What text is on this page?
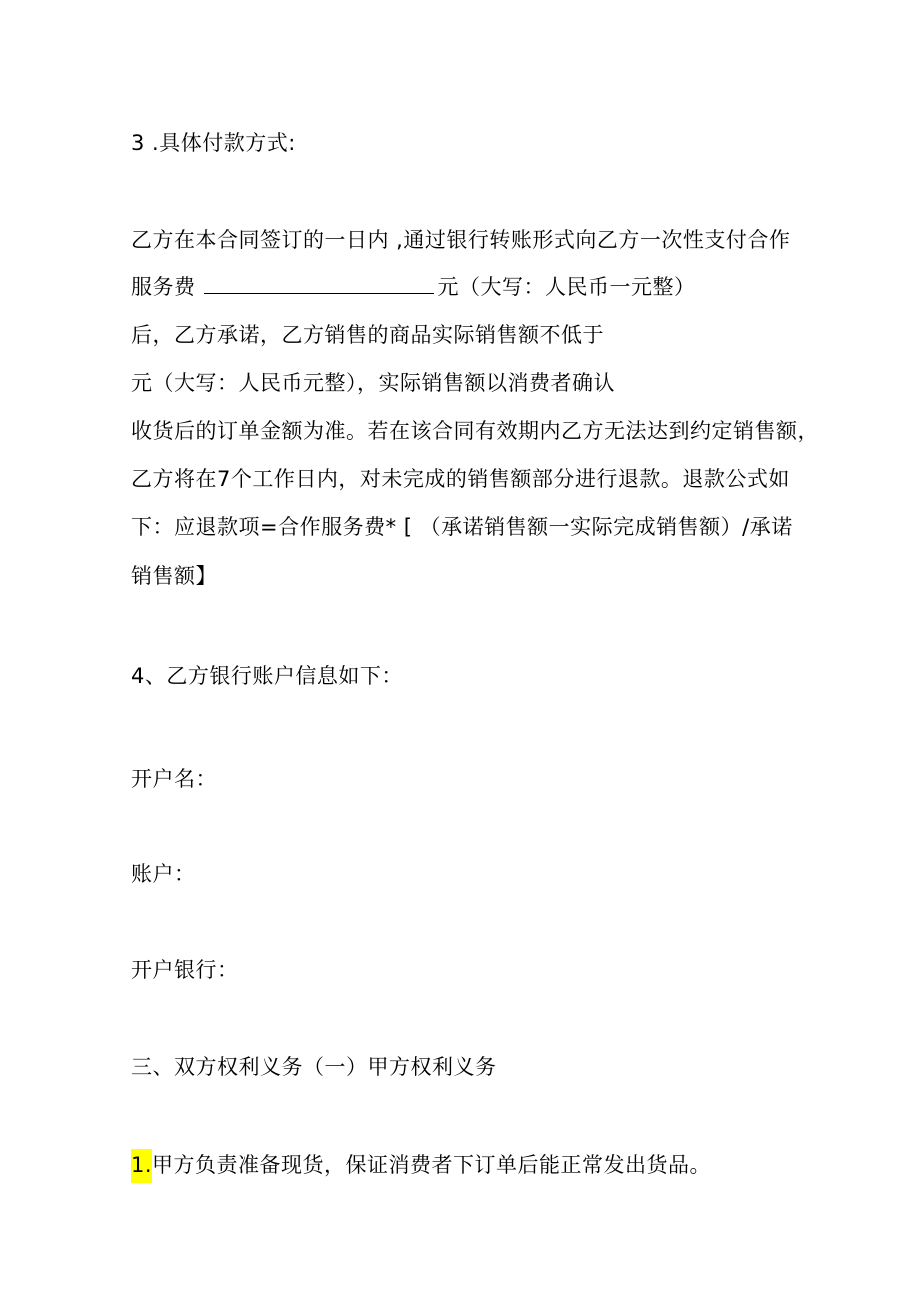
3 .具体付款方式:
乙方在本合同签订的一日内 ,通过银行转账形式向乙方一次性支付合作
服务费	元（大写：人民币一元整）
后，乙方承诺，乙方销售的商品实际销售额不低于
元（大写：人民币元整），实际销售额以消费者确认
收货后的订单金额为准。若在该合同有效期内乙方无法达到约定销售额，
乙方将在7个工作日内，对未完成的销售额部分进行退款。退款公式如
下：应退款项=合作服务费* [ （承诺销售额一实际完成销售额）/承诺
销售额】
4、乙方银行账户信息如下：
开户名：
账户：
开户银行：
三、双方权利义务（一）甲方权利义务
1.甲方负责准备现货，保证消费者下订单后能正常发出货品。
